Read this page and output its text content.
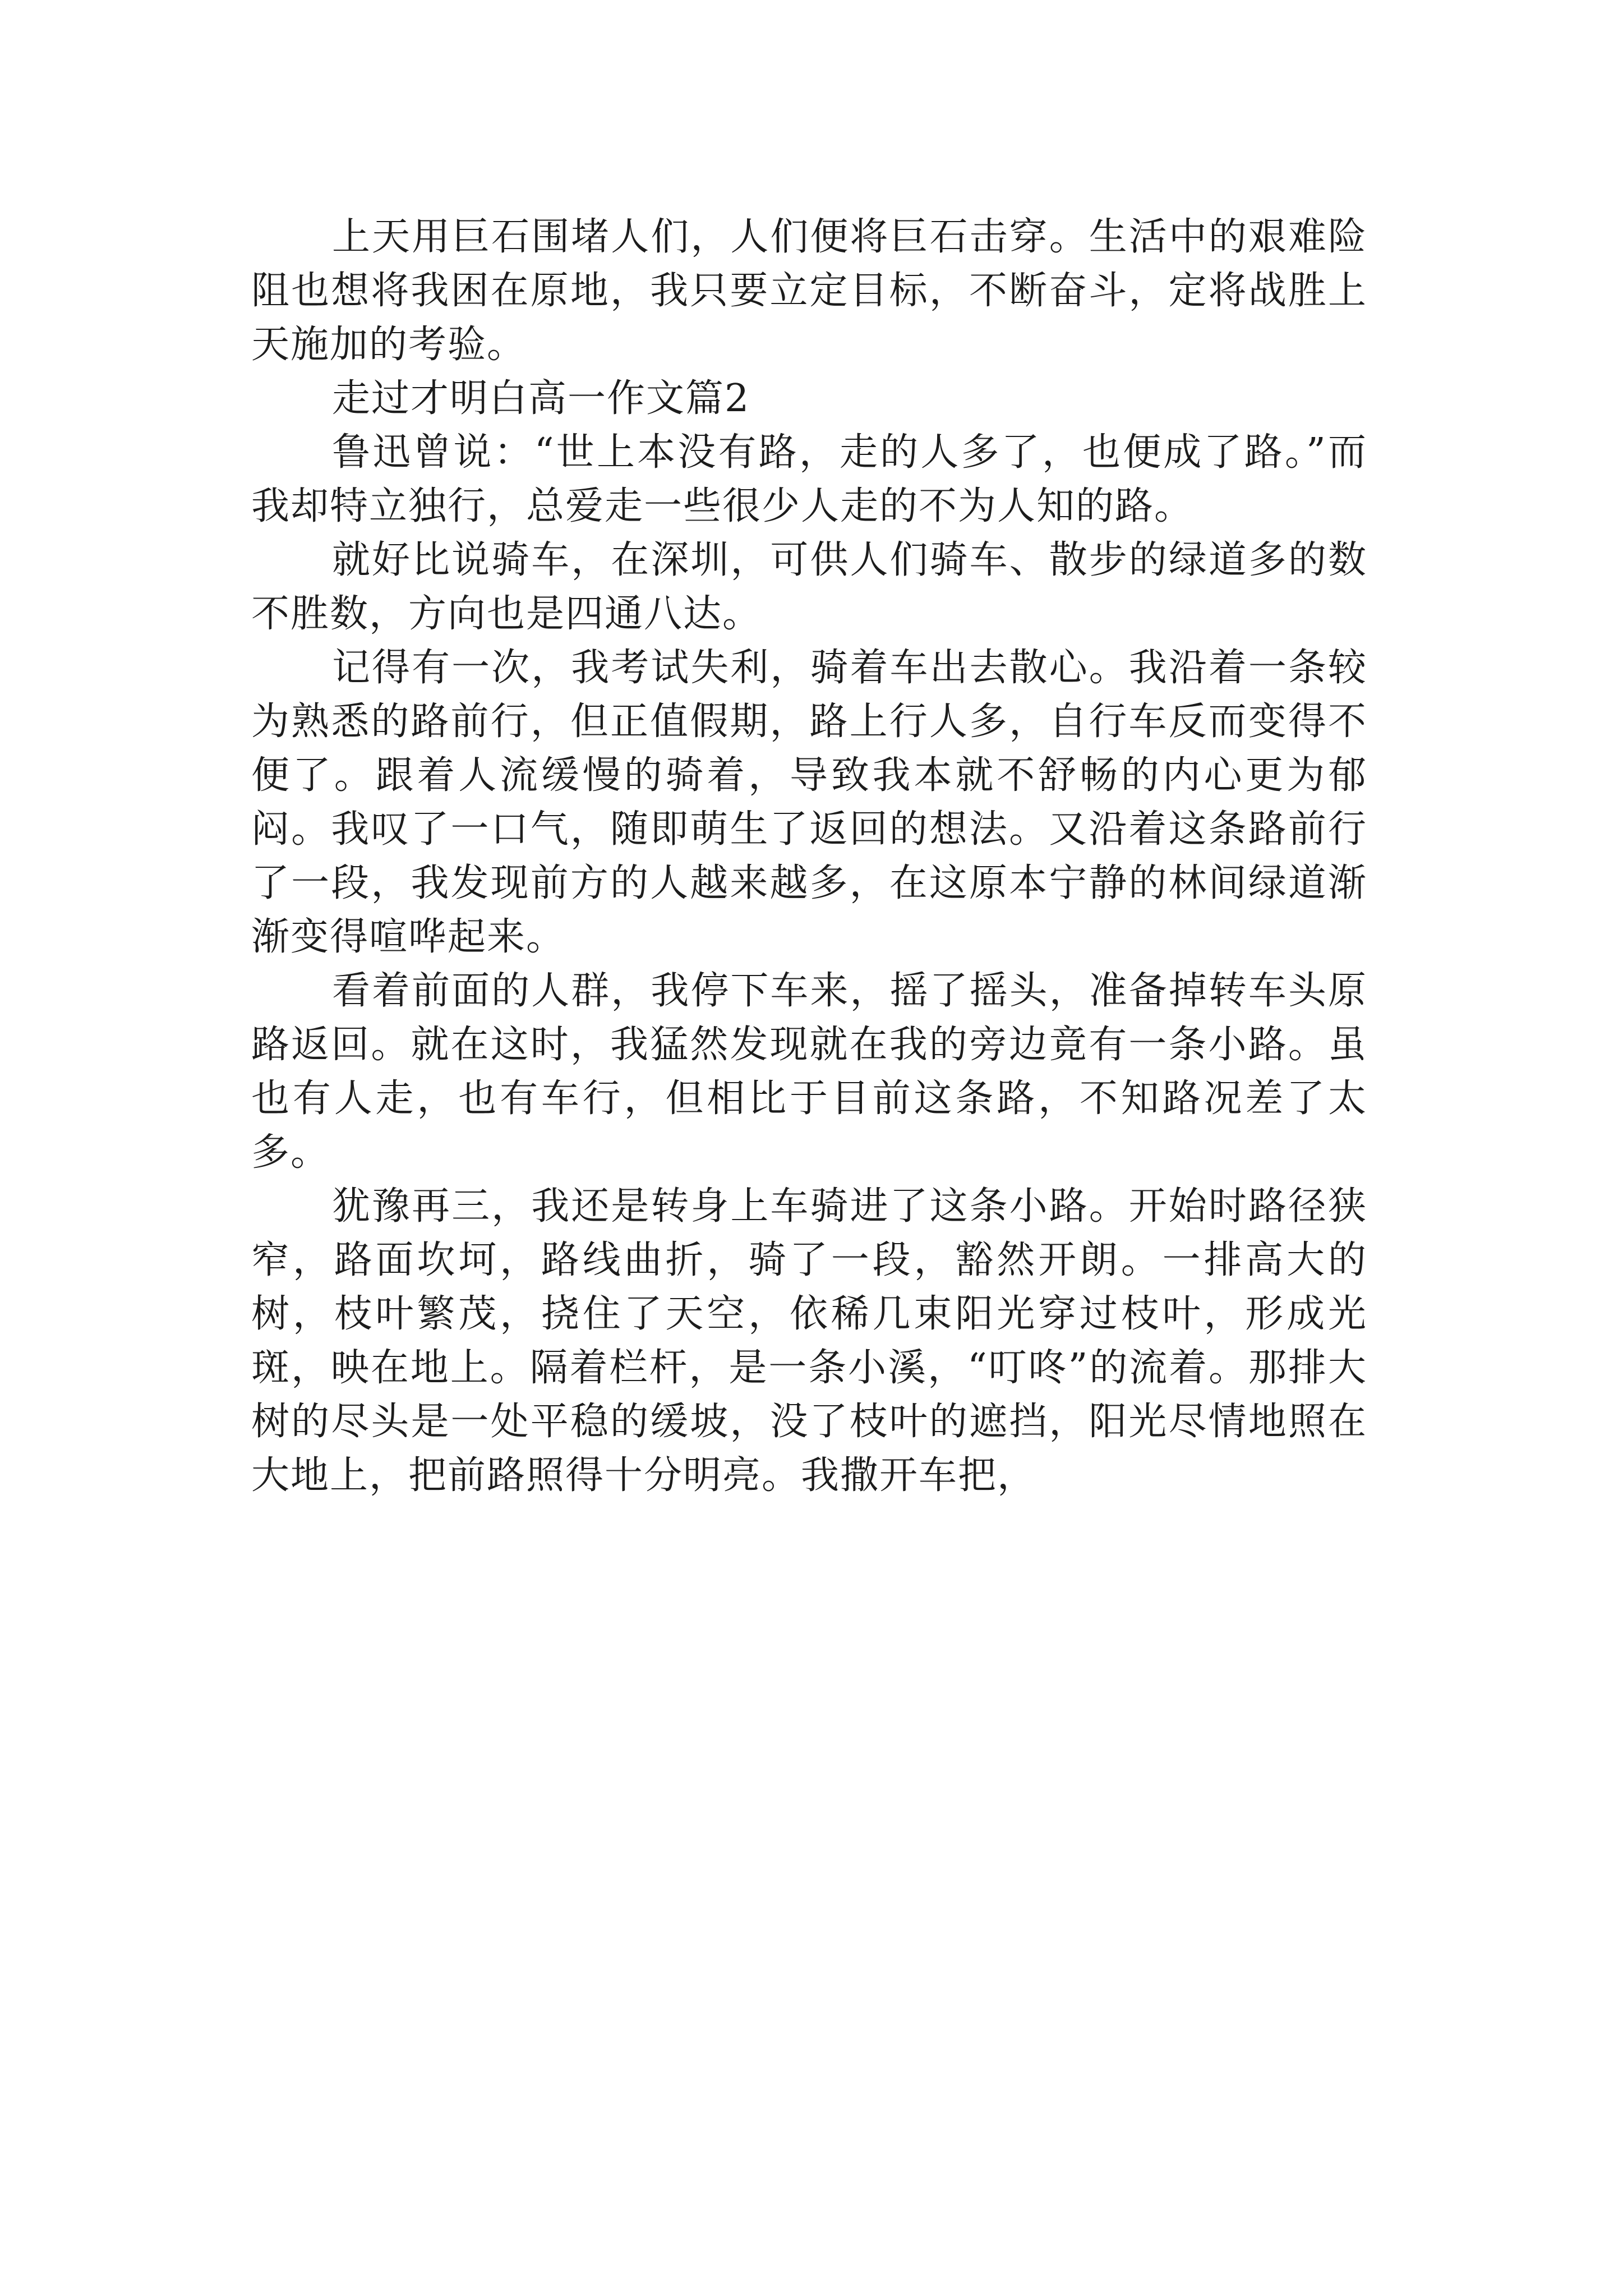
上天用巨石围堵人们，人们便将巨石击穿。生活中的艰难险阻也想将我困在原地，我只要立定目标，不断奋斗，定将战胜上天施加的考验。

走过才明白高一作文篇2

鲁迅曾说：“世上本没有路，走的人多了，也便成了路。”而我却特立独行，总爱走一些很少人走的不为人知的路。

就好比说骑车，在深圳，可供人们骑车、散步的绿道多的数不胜数，方向也是四通八达。

记得有一次，我考试失利，骑着车出去散心。我沿着一条较为熟悉的路前行，但正值假期，路上行人多，自行车反而变得不便了。跟着人流缓慢的骑着，导致我本就不舒畅的内心更为郁闷。我叹了一口气，随即萌生了返回的想法。又沿着这条路前行了一段，我发现前方的人越来越多，在这原本宁静的林间绿道渐渐变得喧哗起来。

看着前面的人群，我停下车来，摇了摇头，准备掉转车头原路返回。就在这时，我猛然发现就在我的旁边竟有一条小路。虽也有人走，也有车行，但相比于目前这条路，不知路况差了太多。

犹豫再三，我还是转身上车骑进了这条小路。开始时路径狭窄，路面坎坷，路线曲折，骑了一段，豁然开朗。一排高大的树，枝叶繁茂，挠住了天空，依稀几束阳光穿过枝叶，形成光斑，映在地上。隔着栏杆，是一条小溪，“叮咚”的流着。那排大树的尽头是一处平稳的缓坡，没了枝叶的遮挡，阳光尽情地照在大地上，把前路照得十分明亮。我撒开车把，
